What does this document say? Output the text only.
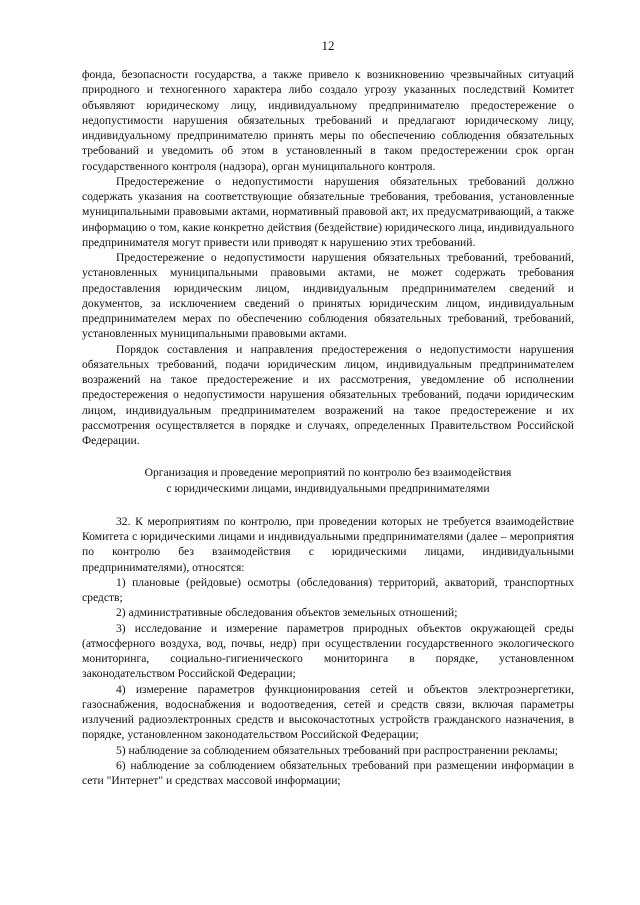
12

фонда, безопасности государства, а также привело к возникновению чрезвычайных ситуаций природного и техногенного характера либо создало угрозу указанных последствий Комитет объявляют юридическому лицу, индивидуальному предпринимателю предостережение о недопустимости нарушения обязательных требований и предлагают юридическому лицу, индивидуальному предпринимателю принять меры по обеспечению соблюдения обязательных требований и уведомить об этом в установленный в таком предостережении срок орган государственного контроля (надзора), орган муниципального контроля.

Предостережение о недопустимости нарушения обязательных требований должно содержать указания на соответствующие обязательные требования, требования, установленные муниципальными правовыми актами, нормативный правовой акт, их предусматривающий, а также информацию о том, какие конкретно действия (бездействие) юридического лица, индивидуального предпринимателя могут привести или приводят к нарушению этих требований.

Предостережение о недопустимости нарушения обязательных требований, требований, установленных муниципальными правовыми актами, не может содержать требования предоставления юридическим лицом, индивидуальным предпринимателем сведений и документов, за исключением сведений о принятых юридическим лицом, индивидуальным предпринимателем мерах по обеспечению соблюдения обязательных требований, требований, установленных муниципальными правовыми актами.

Порядок составления и направления предостережения о недопустимости нарушения обязательных требований, подачи юридическим лицом, индивидуальным предпринимателем возражений на такое предостережение и их рассмотрения, уведомление об исполнении предостережения о недопустимости нарушения обязательных требований, подачи юридическим лицом, индивидуальным предпринимателем возражений на такое предостережение и их рассмотрения осуществляется в порядке и случаях, определенных Правительством Российской Федерации.

Организация и проведение мероприятий по контролю без взаимодействия
с юридическими лицами, индивидуальными предпринимателями

32. К мероприятиям по контролю, при проведении которых не требуется взаимодействие Комитета с юридическими лицами и индивидуальными предпринимателями (далее – мероприятия по контролю без взаимодействия с юридическими лицами, индивидуальными предпринимателями), относятся:

1) плановые (рейдовые) осмотры (обследования) территорий, акваторий, транспортных средств;

2) административные обследования объектов земельных отношений;

3) исследование и измерение параметров природных объектов окружающей среды (атмосферного воздуха, вод, почвы, недр) при осуществлении государственного экологического мониторинга, социально-гигиенического мониторинга в порядке, установленном законодательством Российской Федерации;

4) измерение параметров функционирования сетей и объектов электроэнергетики, газоснабжения, водоснабжения и водоотведения, сетей и средств связи, включая параметры излучений радиоэлектронных средств и высокочастотных устройств гражданского назначения, в порядке, установленном законодательством Российской Федерации;

5) наблюдение за соблюдением обязательных требований при распространении рекламы;

6) наблюдение за соблюдением обязательных требований при размещении информации в сети "Интернет" и средствах массовой информации;
